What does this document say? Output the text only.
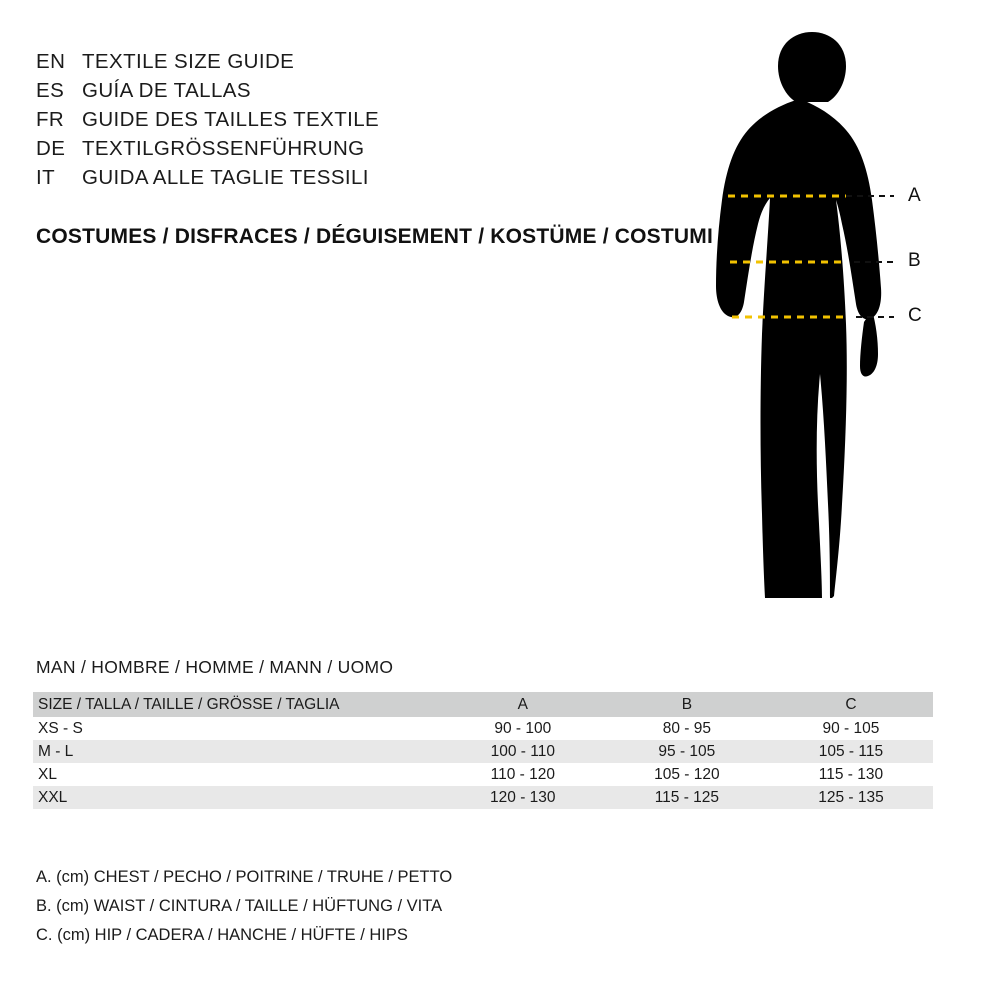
EN TEXTILE SIZE GUIDE
ES GUÍA DE TALLAS
FR GUIDE DES TAILLES TEXTILE
DE TEXTILGRÖSSENFÜHRUNG
IT	GUIDA ALLE TAGLIE TESSILI
COSTUMES / DISFRACES / DÉGUISEMENT / KOSTÜME / COSTUMI
A
B
C
MAN / HOMBRE / HOMME / MANN / UOMO
SIZE / TALLA / TAILLE / GRÖSSE / TAGLIA	A	B	C
XS - S	90 - 100	80 - 95	90 - 105
M - L	100 - 110	95 - 105	105 - 115
XL	110 - 120	105 - 120	115 - 130
XXL	120 - 130	115 - 125	125 - 135
A. (cm) CHEST / PECHO / POITRINE / TRUHE / PETTO
B. (cm) WAIST / CINTURA / TAILLE / HÜFTUNG / VITA
C. (cm) HIP / CADERA / HANCHE / HÜFTE / HIPS
